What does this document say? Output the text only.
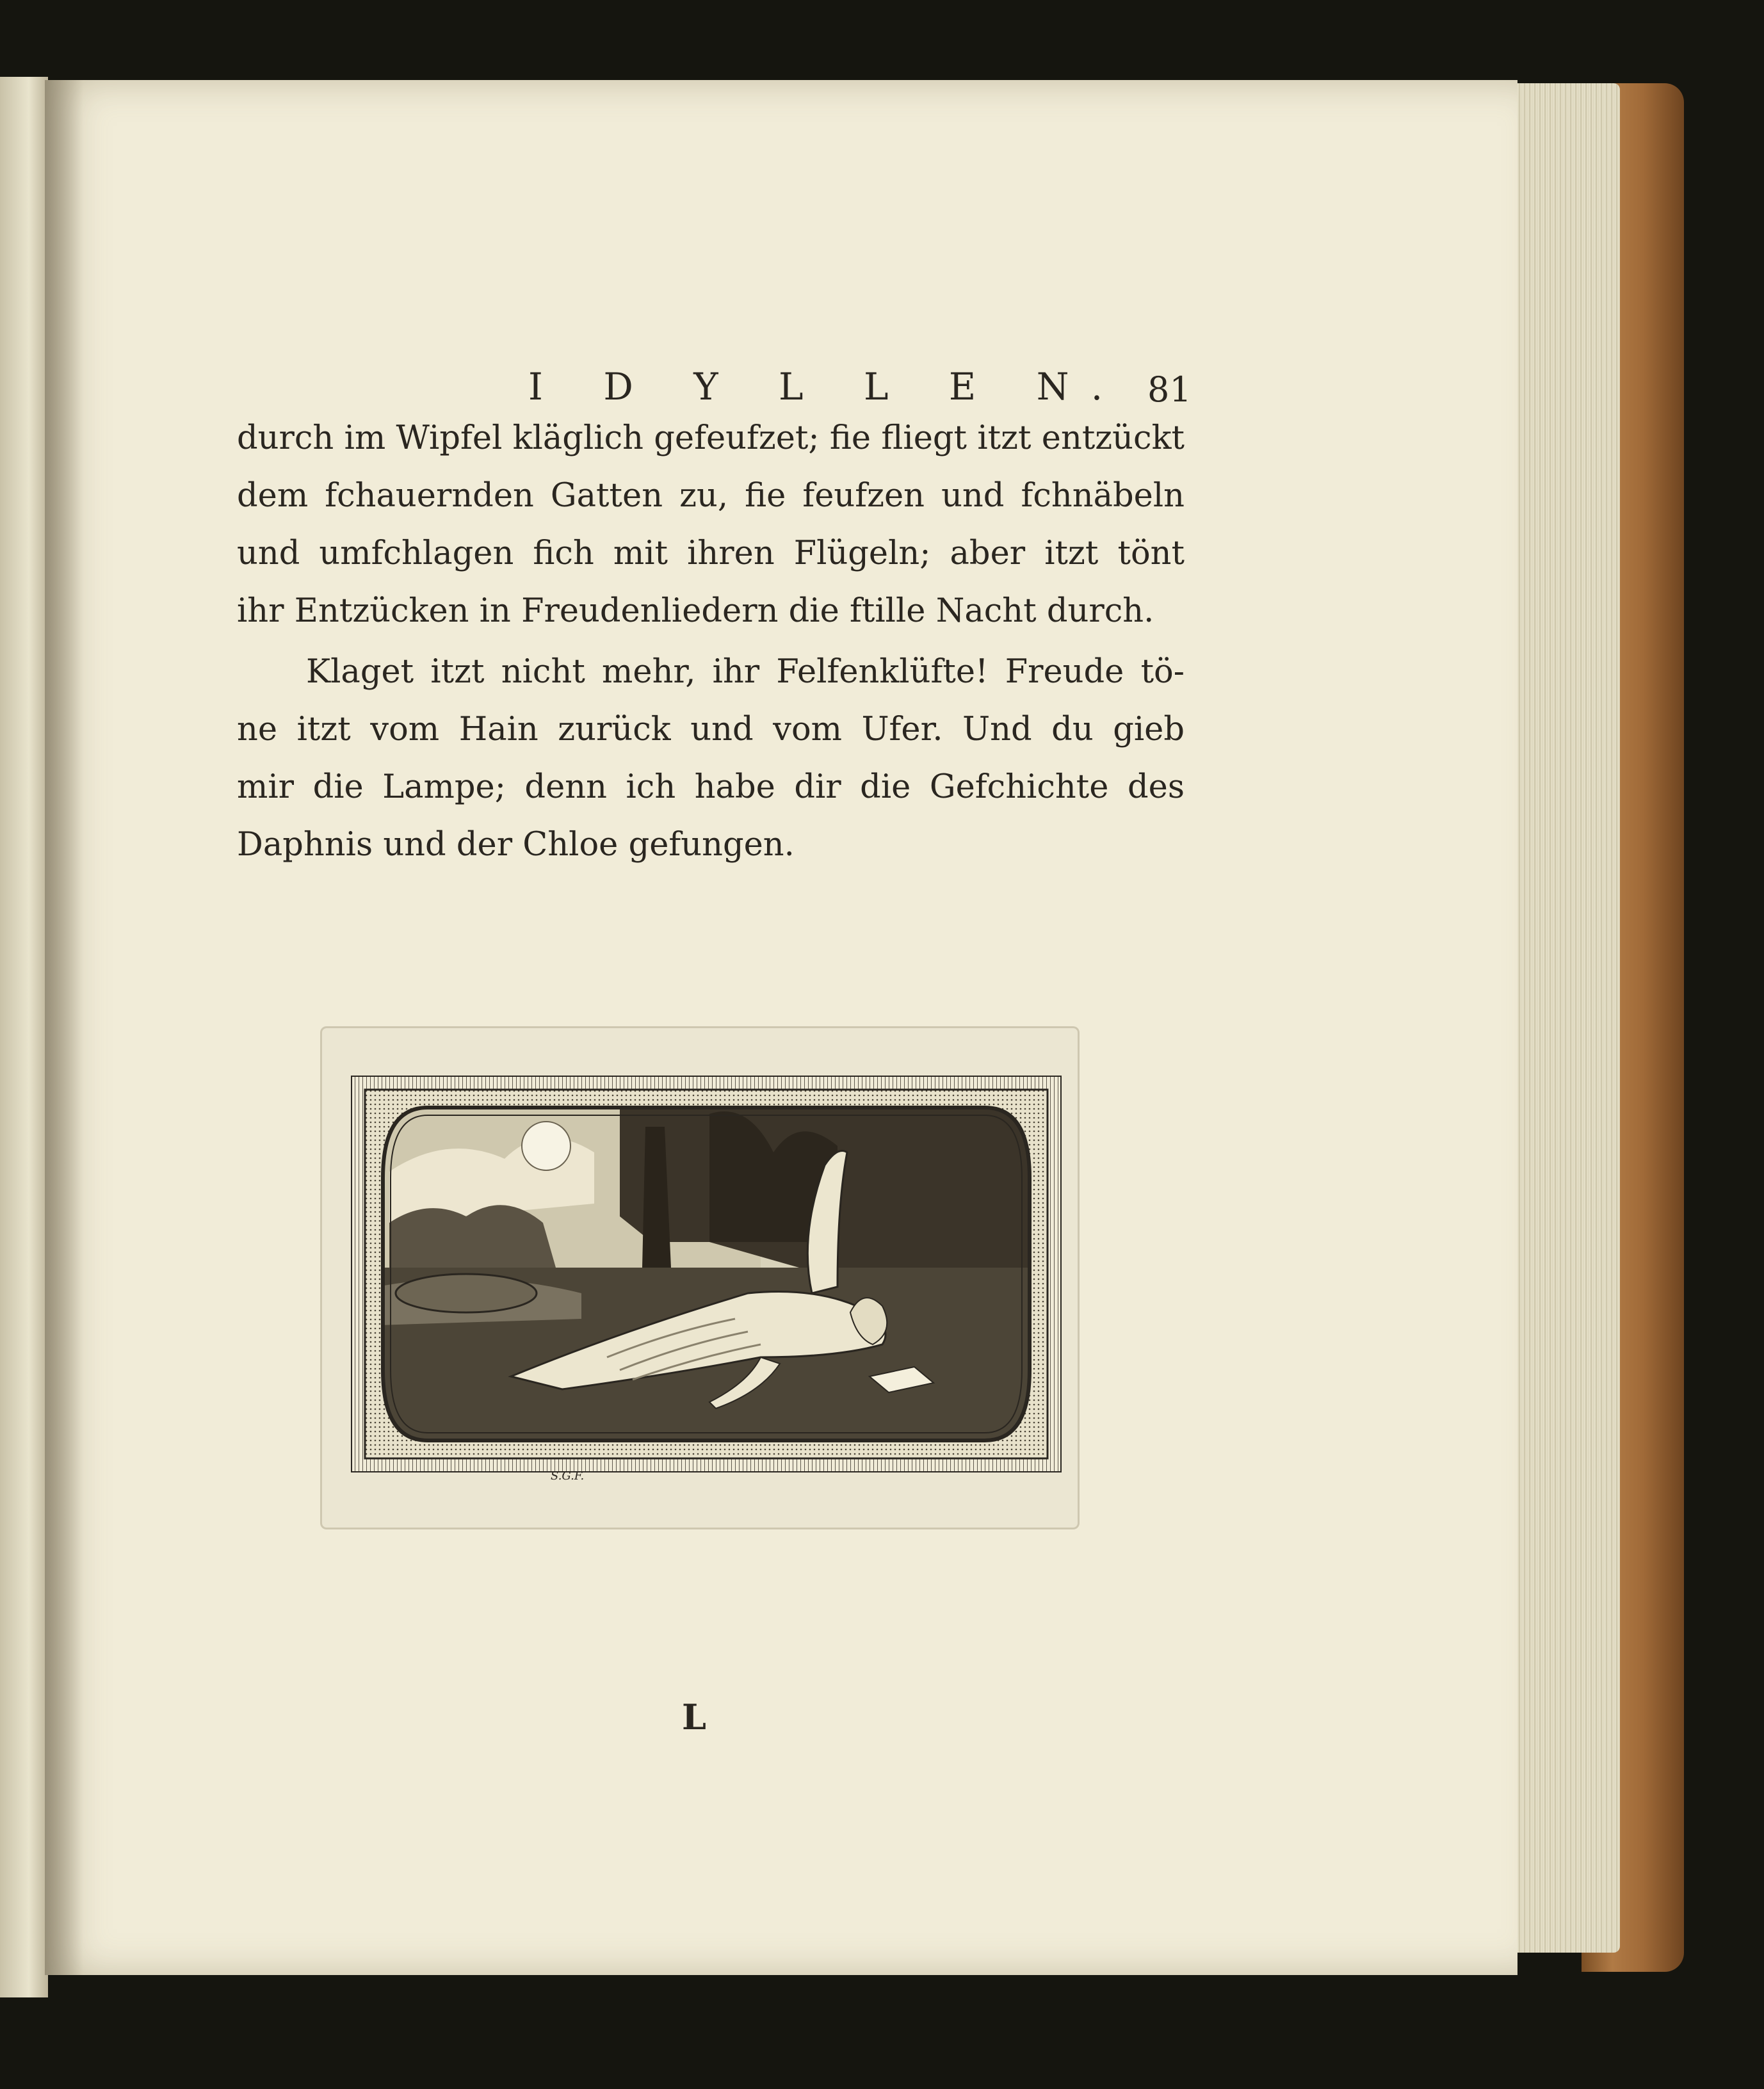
I D Y L L E N. 81
durch im Wipfel kläglich gefeufzet; fie fliegt itzt entzückt
dem fchauernden Gatten zu, fie feufzen und fchnäbeln
und umfchlagen fich mit ihren Flügeln; aber itzt tönt
ihr Entzücken in Freudenliedern die ftille Nacht durch.
Klaget itzt nicht mehr, ihr Felfenklüfte! Freude tö-
ne itzt vom Hain zurück und vom Ufer. Und du gieb
mir die Lampe; denn ich habe dir die Gefchichte des
Daphnis und der Chloe gefungen.
S.G.F.
L
